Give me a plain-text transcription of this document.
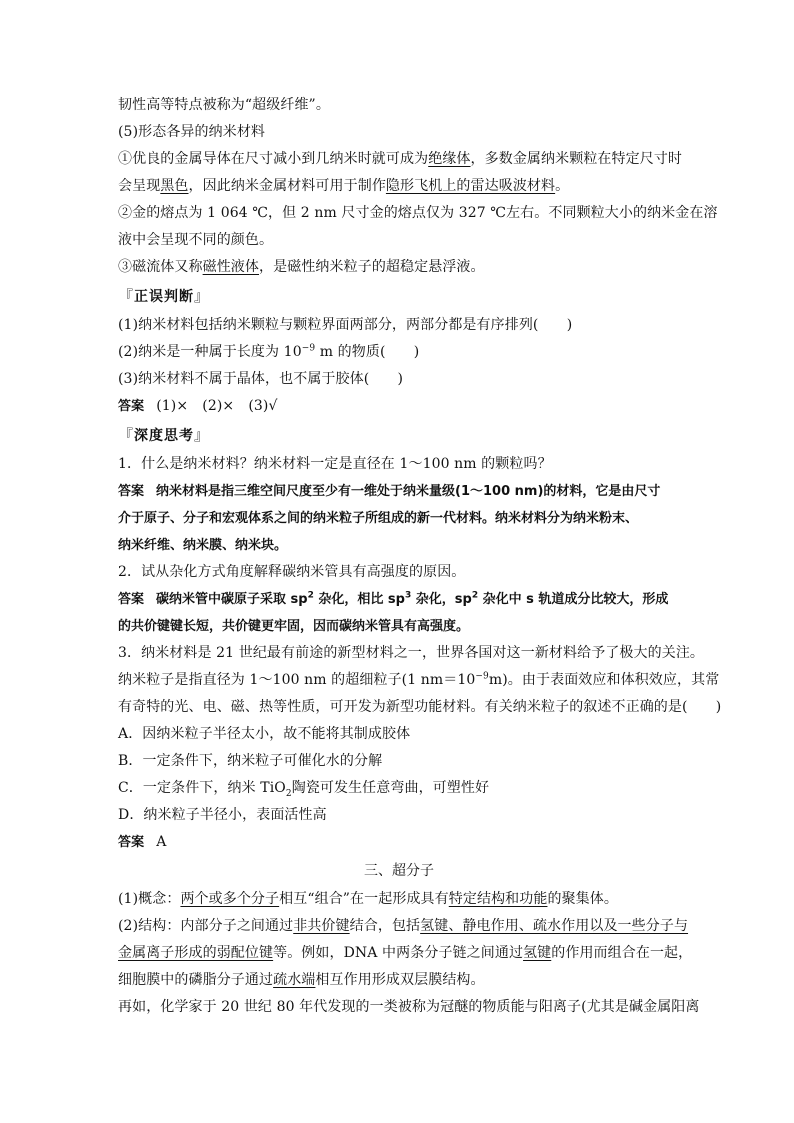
韧性高等特点被称为“超级纤维”。
(5)形态各异的纳米材料
①优良的金属导体在尺寸减小到几纳米时就可成为绝缘体，多数金属纳米颗粒在特定尺寸时
会呈现黑色，因此纳米金属材料可用于制作隐形飞机上的雷达吸波材料。
②金的熔点为 1 064 ℃，但 2 nm 尺寸金的熔点仅为 327 ℃左右。不同颗粒大小的纳米金在溶
液中会呈现不同的颜色。
③磁流体又称磁性液体，是磁性纳米粒子的超稳定悬浮液。
『正误判断』
(1)纳米材料包括纳米颗粒与颗粒界面两部分，两部分都是有序排列(　　)
(2)纳米是一种属于长度为 $10^{-9}$ m 的物质(　　)
(3)纳米材料不属于晶体，也不属于胶体(　　)
答案 (1)×　(2)×　(3)√
『深度思考』
1．什么是纳米材料？纳米材料一定是直径在 1～100 nm 的颗粒吗？
答案 纳米材料是指三维空间尺度至少有一维处于纳米量级(1～100 nm)的材料，它是由尺寸
介于原子、分子和宏观体系之间的纳米粒子所组成的新一代材料。纳米材料分为纳米粉末、
纳米纤维、纳米膜、纳米块。
2．试从杂化方式角度解释碳纳米管具有高强度的原因。
答案 碳纳米管中碳原子采取 $sp^2$ 杂化，相比 $sp^3$ 杂化，$sp^2$ 杂化中 s 轨道成分比较大，形成
的共价键键长短，共价键更牢固，因而碳纳米管具有高强度。
3．纳米材料是 21 世纪最有前途的新型材料之一，世界各国对这一新材料给予了极大的关注。
纳米粒子是指直径为 1～100 nm 的超细粒子(1 $nm=10^{-9}m$)。由于表面效应和体积效应，其常
有奇特的光、电、磁、热等性质，可开发为新型功能材料。有关纳米粒子的叙述不正确的是(　　)
A．因纳米粒子半径太小，故不能将其制成胶体
B．一定条件下，纳米粒子可催化水的分解
C．一定条件下，纳米 TiO$_2$陶瓷可发生任意弯曲，可塑性好
D．纳米粒子半径小，表面活性高
答案 A
三、超分子
(1)概念：两个或多个分子相互“组合”在一起形成具有特定结构和功能的聚集体。
(2)结构：内部分子之间通过非共价键结合，包括氢键、静电作用、疏水作用以及一些分子与
金属离子形成的弱配位键等。例如，DNA 中两条分子链之间通过氢键的作用而组合在一起，
细胞膜中的磷脂分子通过疏水端相互作用形成双层膜结构。
再如，化学家于 20 世纪 80 年代发现的一类被称为冠醚的物质能与阳离子(尤其是碱金属阳离
